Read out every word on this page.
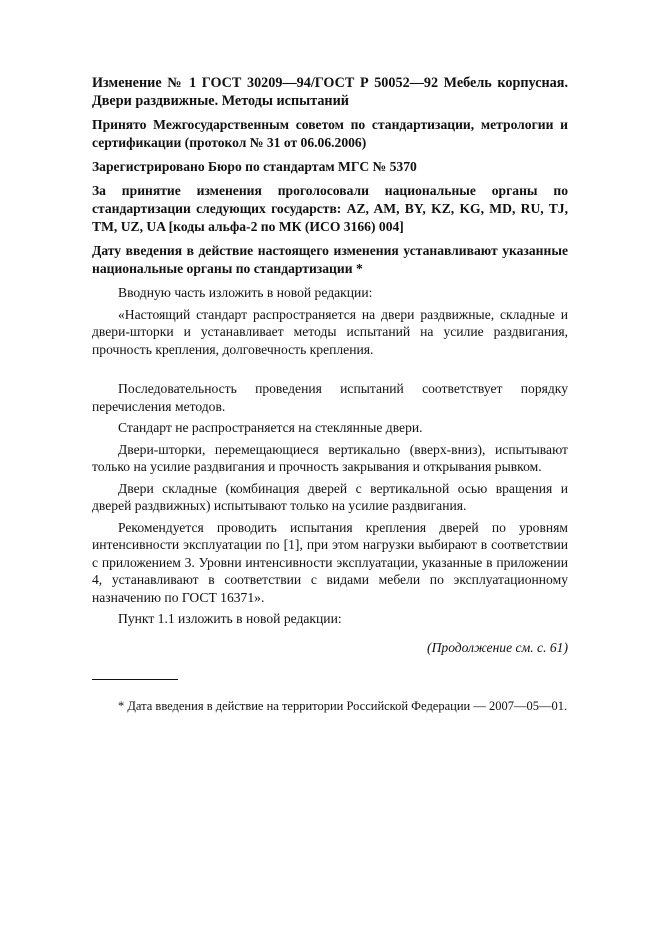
Изменение № 1 ГОСТ 30209—94/ГОСТ Р 50052—92 Мебель корпусная. Двери раздвижные. Методы испытаний

Принято Межгосударственным советом по стандартизации, метрологии и сертификации (протокол № 31 от 06.06.2006)

Зарегистрировано Бюро по стандартам МГС № 5370

За принятие изменения проголосовали национальные органы по стандартизации следующих государств: AZ, AM, BY, KZ, KG, MD, RU, TJ, TM, UZ, UA [коды альфа-2 по МК (ИСО 3166) 004]

Дату введения в действие настоящего изменения устанавливают указанные национальные органы по стандартизации *

Вводную часть изложить в новой редакции:

«Настоящий стандарт распространяется на двери раздвижные, складные и двери-шторки и устанавливает методы испытаний на усилие раздвигания, прочность крепления, долговечность крепления.

Последовательность проведения испытаний соответствует порядку перечисления методов.

Стандарт не распространяется на стеклянные двери.

Двери-шторки, перемещающиеся вертикально (вверх-вниз), испытывают только на усилие раздвигания и прочность закрывания и открывания рывком.

Двери складные (комбинация дверей с вертикальной осью вращения и дверей раздвижных) испытывают только на усилие раздвигания.

Рекомендуется проводить испытания крепления дверей по уровням интенсивности эксплуатации по [1], при этом нагрузки выбирают в соответствии с приложением 3. Уровни интенсивности эксплуатации, указанные в приложении 4, устанавливают в соответствии с видами мебели по эксплуатационному назначению по ГОСТ 16371».

Пункт 1.1 изложить в новой редакции:

(Продолжение см. с. 61)

* Дата введения в действие на территории Российской Федерации — 2007—05—01.
